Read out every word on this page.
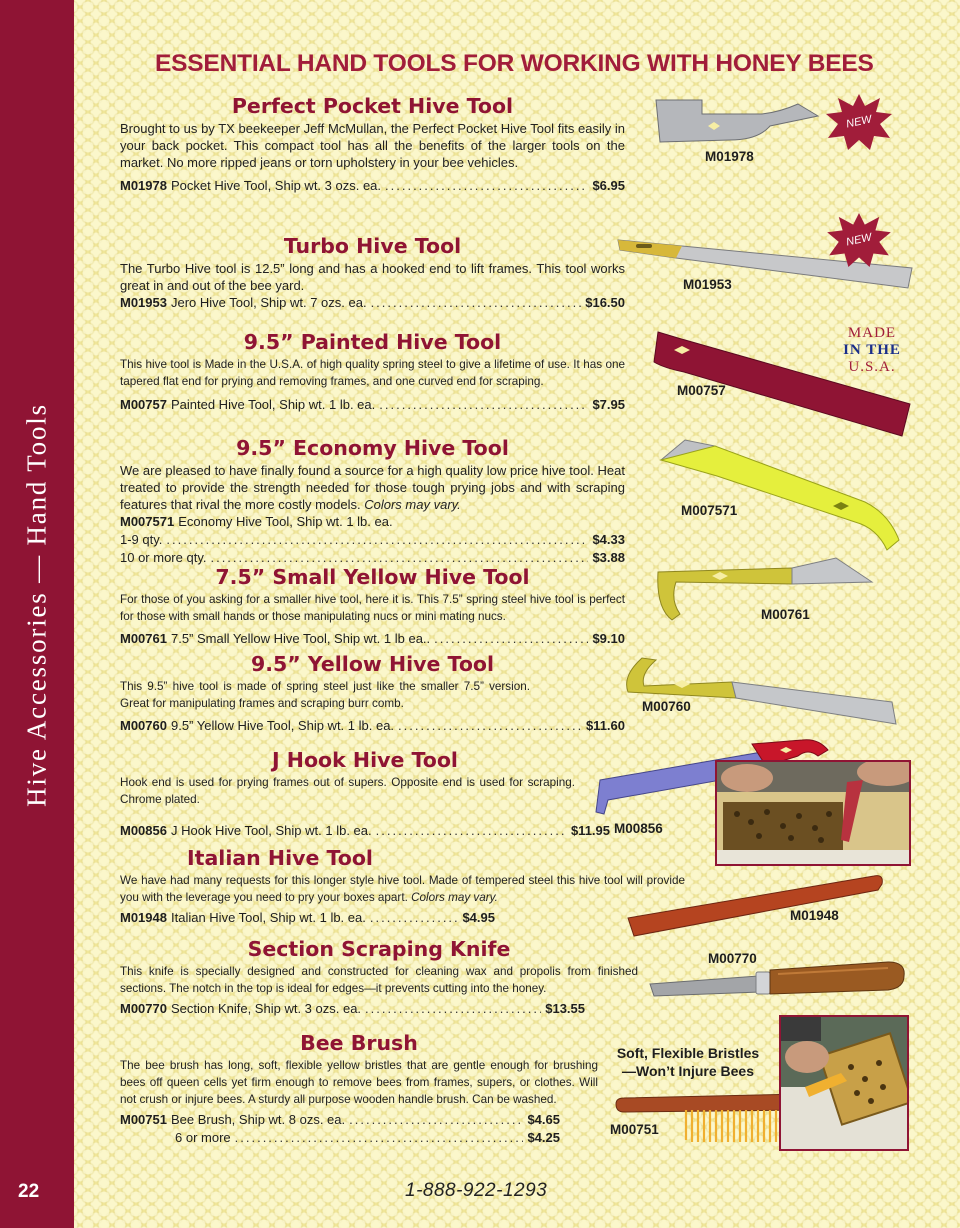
Hive Accessories — Hand Tools
22
ESSENTIAL HAND TOOLS FOR WORKING WITH HONEY BEES
Perfect Pocket Hive Tool

Brought to us by TX beekeeper Jeff McMullan, the Perfect Pocket Hive Tool fits easily in your back pocket. This compact tool has all the benefits of the larger tools on the market. No more ripped jeans or torn upholstery in your bee vehicles.

M01978 Pocket Hive Tool, Ship wt. 3 ozs. ea. .....	$6.95
Turbo Hive Tool

The Turbo Hive tool is 12.5” long and has a hooked end to lift frames. This tool works great in and out of the bee yard.

M01953 Jero Hive Tool, Ship wt. 7 ozs. ea. .....	$16.50
9.5” Painted Hive Tool

This hive tool is Made in the U.S.A. of high quality spring steel to give a lifetime of use. It has one tapered flat end for prying and removing frames, and one curved end for scraping.

M00757 Painted Hive Tool, Ship wt. 1 lb. ea. .....	$7.95
9.5” Economy Hive Tool

We are pleased to have finally found a source for a high quality low price hive tool. Heat treated to provide the strength needed for those tough prying jobs and with scraping features that rival the more costly models. Colors may vary.

M007571 Economy Hive Tool, Ship wt. 1 lb. ea.
1-9 qty. .....	$4.33
10 or more qty. .....	$3.88
7.5” Small Yellow Hive Tool

For those of you asking for a smaller hive tool, here it is. This 7.5” spring steel hive tool is perfect for those with small hands or those manipulating nucs or mini mating nucs.

M00761 7.5” Small Yellow Hive Tool, Ship wt. 1 lb ea.. .....	$9.10
9.5” Yellow Hive Tool

This 9.5” hive tool is made of spring steel just like the smaller 7.5” version. Great for manipulating frames and scraping burr comb.

M00760 9.5” Yellow Hive Tool, Ship wt. 1 lb. ea. .....	$11.60
J Hook Hive Tool

Hook end is used for prying frames out of supers. Opposite end is used for scraping. Chrome plated.

M00856 J Hook Hive Tool, Ship wt. 1 lb. ea. .....	$11.95
Italian Hive Tool

We have had many requests for this longer style hive tool. Made of tempered steel this hive tool will provide you with the leverage you need to pry your boxes apart. Colors may vary.

M01948 Italian Hive Tool, Ship wt. 1 lb. ea. .....	$4.95
Section Scraping Knife

This knife is specially designed and constructed for cleaning wax and propolis from finished sections. The notch in the top is ideal for edges—it prevents cutting into the honey.

M00770 Section Knife, Ship wt. 3 ozs. ea. .....	$13.55
Bee Brush

The bee brush has long, soft, flexible yellow bristles that are gentle enough for brushing bees off queen cells yet firm enough to remove bees from frames, supers, or clothes. Will not crush or injure bees. A sturdy all purpose wooden handle brush. Can be washed.

M00751 Bee Brush, Ship wt. 8 ozs. ea. .....	$4.65
6 or more .....	$4.25
M01978
NEW
M01953
NEW
MADE
IN THE
U.S.A.
M00757
M007571
M00761
M00760
M00856
M01948
M00770
Soft, Flexible Bristles
—Won’t Injure Bees
M00751
1-888-922-1293
